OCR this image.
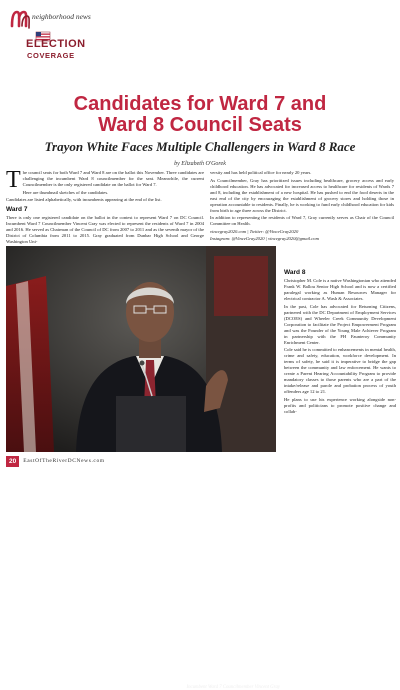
neighborhood news
ELECTION
COVERAGE
Candidates for Ward 7 and
Ward 8 Council Seats
Trayon White Faces Multiple Challengers in Ward 8 Race
by Elizabeth O'Gorek

The council seats for both Ward 7 and Ward 8 are on the ballot this November. Three candidates are challenging the incumbent Ward 8 councilmember for the seat. Meanwhile, the current Councilmember is the only registered candidate on the ballot for Ward 7.

Here are thumbnail sketches of the candidates.

Candidates are listed alphabetically, with incumbents appearing at the end of the list.

Ward 7

There is only one registered candidate on the ballot in the contest to represent Ward 7 on DC Council. Incumbent Ward 7 Councilmember Vincent Gray was elected to represent the residents of Ward 7 in 2004 and 2016. He served as Chairman of the Council of DC from 2007 to 2011 and as the seventh mayor of the District of Columbia from 2011 to 2015. Gray graduated from Dunbar High School and George Washington Uni-

versity and has held political office for nearly 20 years.

As Councilmember, Gray has prioritized issues including healthcare, grocery access and early childhood education. He has advocated for increased access to healthcare for residents of Wards 7 and 8, including the establishment of a new hospital. He has pushed to end the food deserts in the east end of the city by encouraging the establishment of grocery stores and holding those in operation accountable to residents. Finally, he is working to fund early childhood education for kids from birth to age three across the District.

In addition to representing the residents of Ward 7, Gray currently serves as Chair of the Council Committee on Health.

vincegray2020.com | Twitter: @VinceGray2020

Instagram: @VinceGray2020 | vincegray2020@gmail.com

Incumbent Ward 7 Councilmember Vincent Gray
Ward 8

Christopher M. Cole is a native Washingtonian who attended Frank W. Ballou Senior High School and is now a certified paralegal working as Human Resources Manager for electrical contractor A. Wash & Associates.

In the past, Cole has advocated for Returning Citizens, partnered with the DC Department of Employment Services (DCOES) and Wheeler Creek Community Development Corporation to facilitate the Project Empowerment Program and was the Founder of the Young Male Achiever Program in partnership with the FH Faunteroy Community Enrichment Center.

Cole said he is committed to enhancements in mental health, crime and safety, education, workforce development. In terms of safety, he said it is imperative to bridge the gap between the community and law enforcement. He wants to create a Parent Hearing Accountability Program to provide mandatory classes to those parents who are a part of the intake/release and parole and probation process of youth offenders age 12 to 21.

He plans to use his experience working alongside non-profits and politicians to promote positive change and collab-

20	EastOfTheRiverDCNews.com
